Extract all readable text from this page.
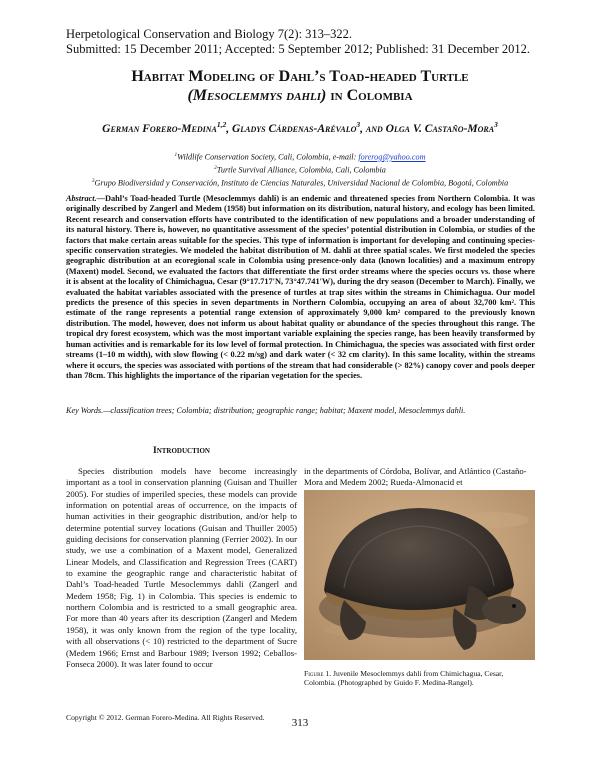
Herpetological Conservation and Biology 7(2): 313–322.
Submitted: 15 December 2011; Accepted: 5 September 2012; Published: 31 December 2012.
Habitat Modeling of Dahl’s Toad-headed Turtle
(Mesoclemmys dahli) in Colombia
German Forero-Medina$^{1,2}$, Gladys Cárdenas-Arévalo$^3$, and Olga V. Castaño-Mora$^3$
$^1$Wildlife Conservation Society, Cali, Colombia, e-mail: forerog@yahoo.com
$^2$Turtle Survival Alliance, Colombia, Cali, Colombia
$^3$Grupo Biodiversidad y Conservación, Instituto de Ciencias Naturales, Universidad Nacional de Colombia, Bogotá, Colombia
Abstract.—Dahl’s Toad-headed Turtle (Mesoclemmys dahli) is an endemic and threatened species from Northern Colombia. It was originally described by Zangerl and Medem (1958) but information on its distribution, natural history, and ecology has been limited. Recent research and conservation efforts have contributed to the identification of new populations and a broader understanding of its natural history. There is, however, no quantitative assessment of the species’ potential distribution in Colombia, or studies of the factors that make certain areas suitable for the species. This type of information is important for developing and continuing species-specific conservation strategies. We modeled the habitat distribution of M. dahli at three spatial scales. We first modeled the species geographic distribution at an ecoregional scale in Colombia using presence-only data (known localities) and a maximum entropy (Maxent) model. Second, we evaluated the factors that differentiate the first order streams where the species occurs vs. those where it is absent at the locality of Chimichagua, Cesar (9°17.717'N, 73°47.741'W), during the dry season (December to March). Finally, we evaluated the habitat variables associated with the presence of turtles at trap sites within the streams in Chimichagua. Our model predicts the presence of this species in seven departments in Northern Colombia, occupying an area of about 32,700 km². This estimate of the range represents a potential range extension of approximately 9,000 km² compared to the previously known distribution. The model, however, does not inform us about habitat quality or abundance of the species throughout this range. The tropical dry forest ecosystem, which was the most important variable explaining the species range, has been heavily transformed by human activities and is remarkable for its low level of formal protection. In Chimichagua, the species was associated with first order streams (1–10 m width), with slow flowing (< 0.22 m/sg) and dark water (< 32 cm clarity). In this same locality, within the streams where it occurs, the species was associated with portions of the stream that had considerable (> 82%) canopy cover and pools deeper than 78cm. This highlights the importance of the riparian vegetation for the species.
Key Words.—classification trees; Colombia; distribution; geographic range; habitat; Maxent model, Mesoclemmys dahli.
Introduction

Species distribution models have become increasingly important as a tool in conservation planning (Guisan and Thuiller 2005). For studies of imperiled species, these models can provide information on potential areas of occurrence, on the impacts of human activities in their geographic distribution, and/or help to determine potential survey locations (Guisan and Thuiller 2005) guiding decisions for conservation planning (Ferrier 2002). In our study, we use a combination of a Maxent model, Generalized Linear Models, and Classification and Regression Trees (CART) to examine the geographic range and characteristic habitat of Dahl’s Toad-headed Turtle Mesoclemmys dahli (Zangerl and Medem 1958; Fig. 1) in Colombia. This species is endemic to northern Colombia and is restricted to a small geographic area. For more than 40 years after its description (Zangerl and Medem 1958), it was only known from the region of the type locality, with all observations (< 10) restricted to the department of Sucre (Medem 1966; Ernst and Barbour 1989; Iverson 1992; Ceballos-Fonseca 2000). It was later found to occur

in the departments of Córdoba, Bolívar, and Atlántico (Castaño-Mora and Medem 2002; Rueda-Almonacid et
Figure 1. Juvenile Mesoclemmys dahli from Chimichagua, Cesar, Colombia. (Photographed by Guido F. Medina-Rangel).
Copyright © 2012. German Forero-Medina. All Rights Reserved.	313
